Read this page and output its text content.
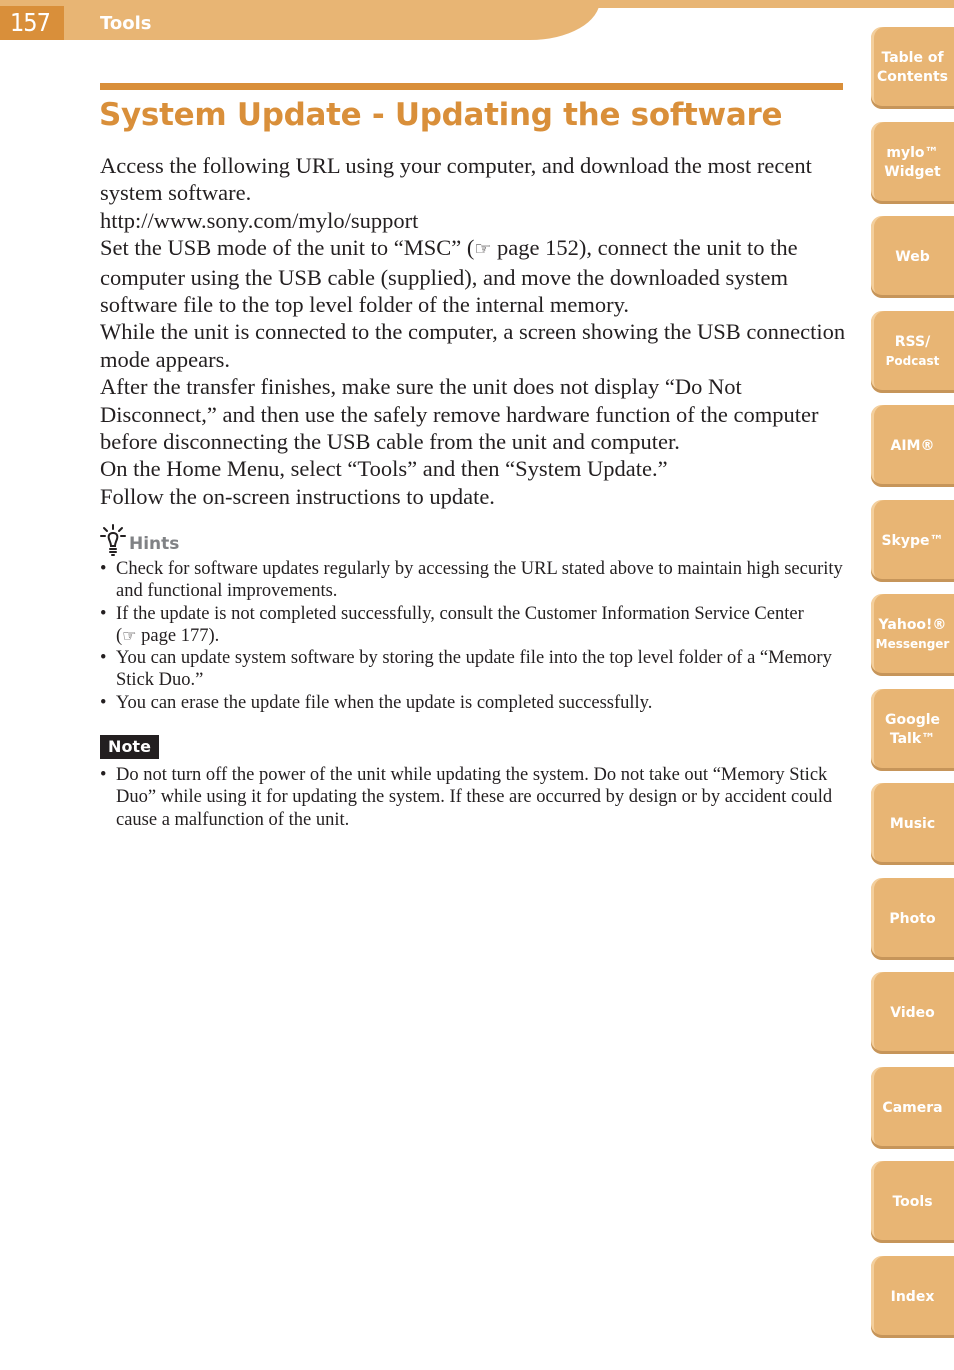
157	Tools
System Update - Updating the software

Access the following URL using your computer, and download the most recent system software.

http://www.sony.com/mylo/support

Set the USB mode of the unit to “MSC” (☞ page 152), connect the unit to the computer using the USB cable (supplied), and move the downloaded system software file to the top level folder of the internal memory.

While the unit is connected to the computer, a screen showing the USB connection mode appears.

After the transfer finishes, make sure the unit does not display “Do Not Disconnect,” and then use the safely remove hardware function of the computer before disconnecting the USB cable from the unit and computer.

On the Home Menu, select “Tools” and then “System Update.”

Follow the on-screen instructions to update.

Hints
• Check for software updates regularly by accessing the URL stated above to maintain high security and functional improvements.
• If the update is not completed successfully, consult the Customer Information Service Center
(☞ page 177).
• You can update system software by storing the update file into the top level folder of a “Memory Stick Duo.”
• You can erase the update file when the update is completed successfully.
Note
• Do not turn off the power of the unit while updating the system. Do not take out “Memory Stick Duo” while using it for updating the system. If these are occurred by design or by accident could cause a malfunction of the unit.
Table of
Contents
mylo™
Widget
Web
RSS/
Podcast
AIM®
Skype™
Yahoo!®
Messenger
Google
Talk™
Music
Photo
Video
Camera
Tools
Index
